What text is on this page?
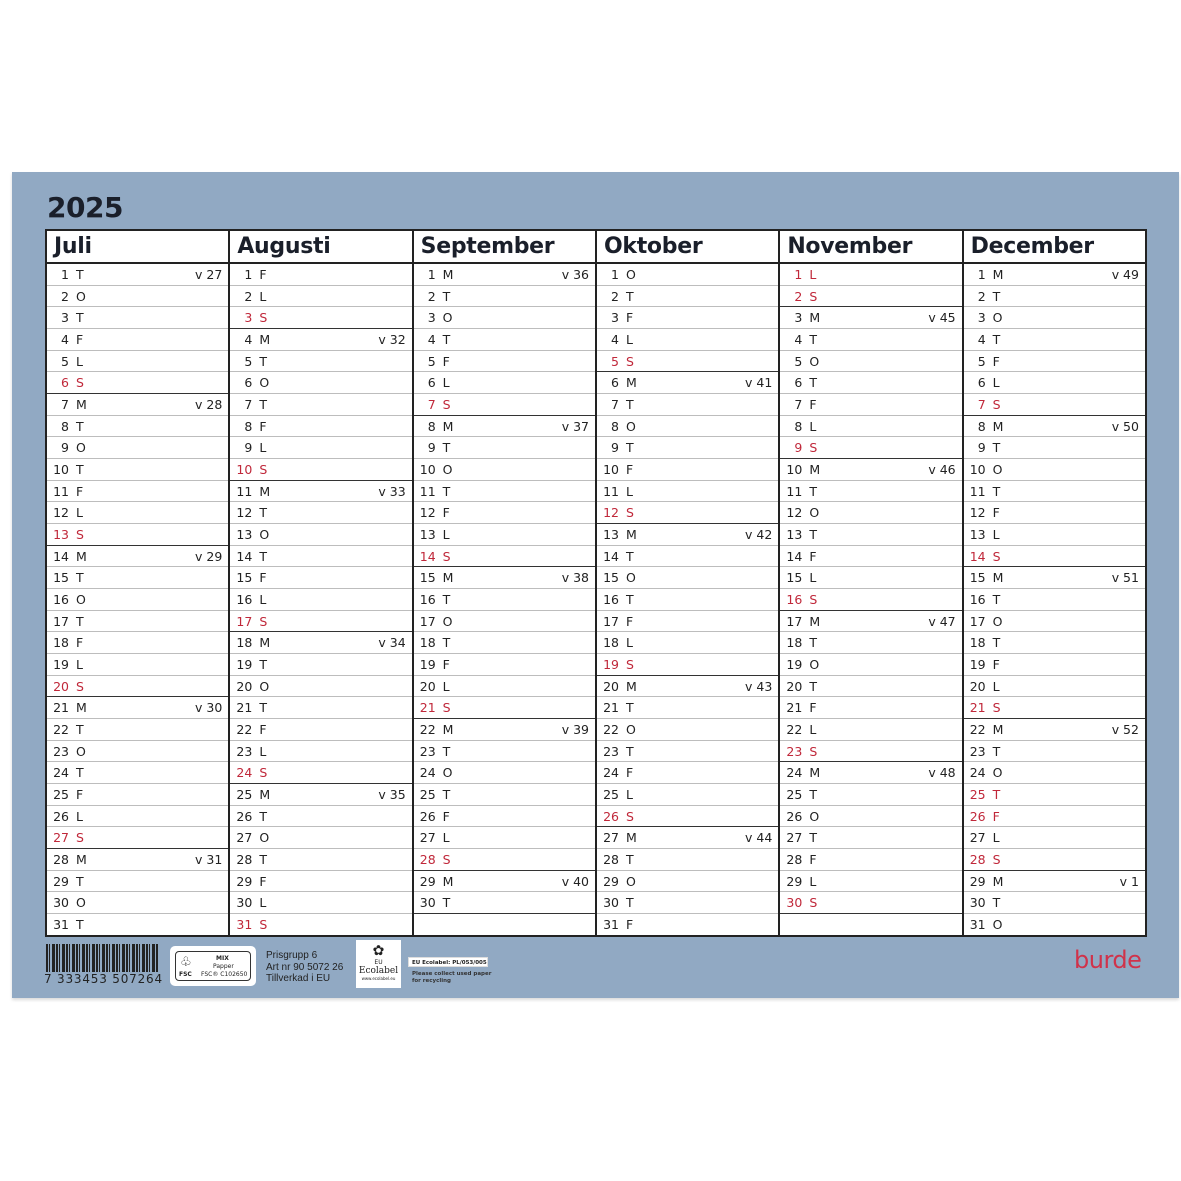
2025
Juli
1 T	v 27
2 O
3 T
4 F
5 L
6 S
7 M	v 28
8 T
9 O
10 T
11 F
12 L
13 S
14 M	v 29
15 T
16 O
17 T
18 F
19 L
20 S
21 M	v 30
22 T
23 O
24 T
25 F
26 L
27 S
28 M	v 31
29 T
30 O
31 T
Augusti
1 F
2 L
3 S
4 M	v 32
5 T
6 O
7 T
8 F
9 L
10 S
11 M	v 33
12 T
13 O
14 T
15 F
16 L
17 S
18 M	v 34
19 T
20 O
21 T
22 F
23 L
24 S
25 M	v 35
26 T
27 O
28 T
29 F
30 L
31 S
September
1 M	v 36
2 T
3 O
4 T
5 F
6 L
7 S
8 M	v 37
9 T
10 O
11 T
12 F
13 L
14 S
15 M	v 38
16 T
17 O
18 T
19 F
20 L
21 S
22 M	v 39
23 T
24 O
25 T
26 F
27 L
28 S
29 M	v 40
30 T
Oktober
1 O
2 T
3 F
4 L
5 S
6 M	v 41
7 T
8 O
9 T
10 F
11 L
12 S
13 M	v 42
14 T
15 O
16 T
17 F
18 L
19 S
20 M	v 43
21 T
22 O
23 T
24 F
25 L
26 S
27 M	v 44
28 T
29 O
30 T
31 F
November
1 L
2 S
3 M	v 45
4 T
5 O
6 T
7 F
8 L
9 S
10 M	v 46
11 T
12 O
13 T
14 F
15 L
16 S
17 M	v 47
18 T
19 O
20 T
21 F
22 L
23 S
24 M	v 48
25 T
26 O
27 T
28 F
29 L
30 S
December
1 M	v 49
2 T
3 O
4 T
5 F
6 L
7 S
8 M	v 50
9 T
10 O
11 T
12 F
13 L
14 S
15 M	v 51
16 T
17 O
18 T
19 F
20 L
21 S
22 M	v 52
23 T
24 O
25 T
26 F
27 L
28 S
29 M	v 1
30 T
31 O
7 333453 507264
♧	MIX
Papper
FSC® C102650
FSC
Prisgrupp 6
Art nr 90 5072 26
Tillverkad i EU
✿
EU
Ecolabel
www.ecolabel.eu
EU Ecolabel: PL/053/005
Please collect used paper
for recycling
burde
